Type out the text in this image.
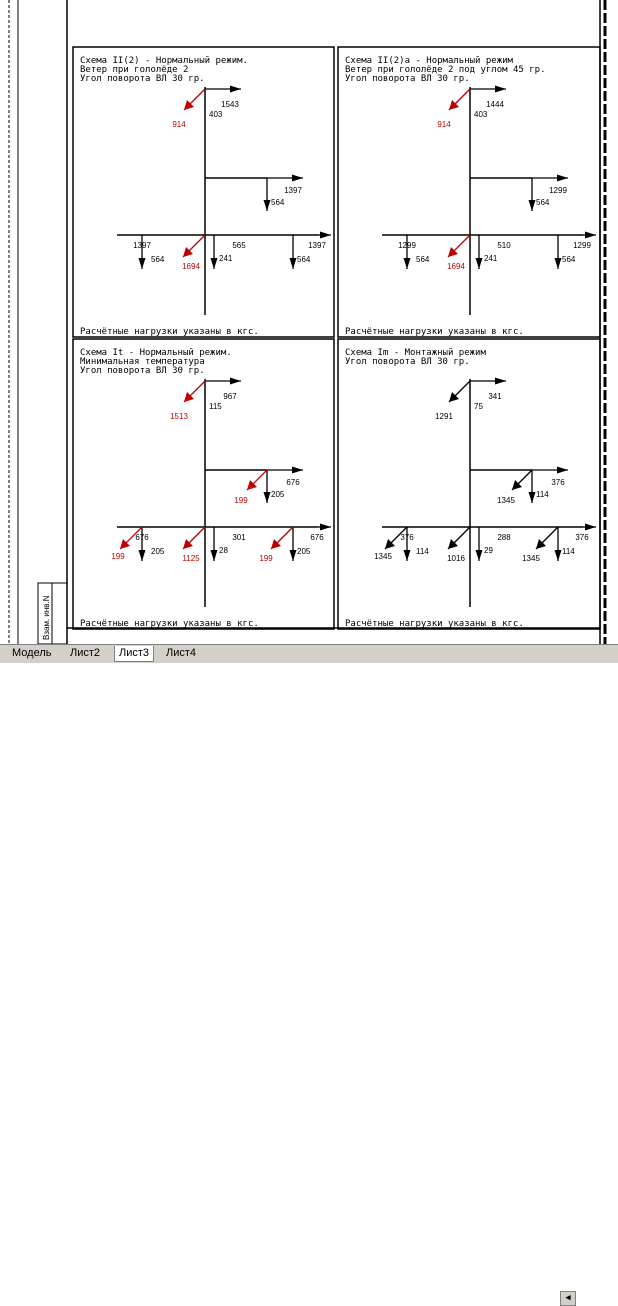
Взам. инв.N
Схема II(2) - Нормальный режим.
Ветер при гололёде 2
Угол поворота ВЛ 30 гр.
Расчётные нагрузки указаны в кгс.
1543
403
914
1397
564
1397
564	241
565
1694
1397
564
Схема II(2)а - Нормальный режим
Ветер при гололёде 2 под углом 45 гр.
Угол поворота ВЛ 30 гр.
Расчётные нагрузки указаны в кгс.
1444
403
914
1299
564
1299
564	241
510
1694
1299
564
Схема It - Нормальный режим.
Минимальная температура
Угол поворота ВЛ 30 гр.
Расчётные нагрузки указаны в кгс.
967
115
1513
676
205
199
676
205
199
28
301
1125
676
205
199
Схема Im - Монтажный режим
Угол поворота ВЛ 30 гр.
Расчётные нагрузки указаны в кгс.
341
75
1291
376
114
1345
376
114
1345
29
288
1016
376
114
1345
Модель	Лист2	Лист3	Лист4
◀
